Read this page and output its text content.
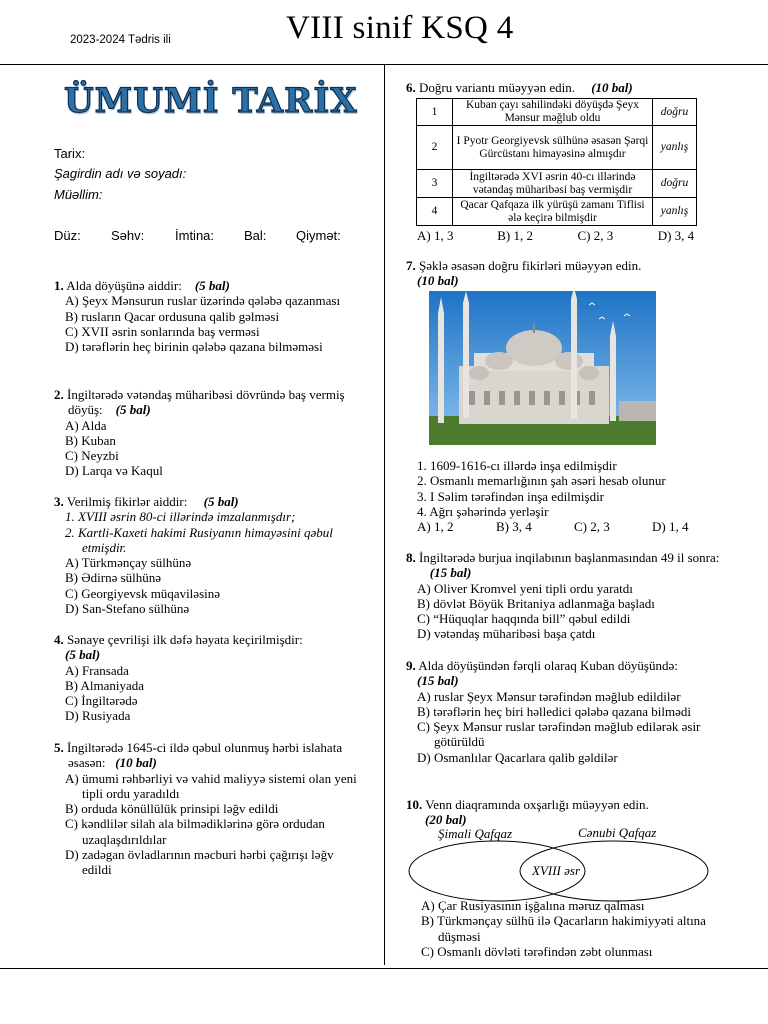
2023-2024 Tədris ili	VIII sinif KSQ 4
ÜMUMİ TARİX
Tarix:
Şagirdin adı və soyadı:
Müəllim:
Düz: Səhv: İmtina: Bal: Qiymət:
1. Alda döyüşünə aiddir: (5 bal)
A) Şeyx Mənsurun ruslar üzərində qələbə qazanması
B) rusların Qacar ordusuna qalib gəlməsi
C) XVII əsrin sonlarında baş verməsi
D) tərəflərin heç birinin qələbə qazana bilməməsi
2. İngiltərədə vətəndaş müharibəsi dövründə baş vermiş döyüş: (5 bal)
A) Alda
B) Kuban
C) Neyzbi
D) Larqa və Kaqul
3. Verilmiş fikirlər aiddir: (5 bal)
1. XVIII əsrin 80-ci illərində imzalanmışdır;
2. Kartli-Kaxeti hakimi Rusiyanın himayəsini qəbul etmişdir.
A) Türkmənçay sülhünə
B) Ədirnə sülhünə
C) Georgiyevsk müqaviləsinə
D) San-Stefano sülhünə
4. Sənaye çevrilişi ilk dəfə həyata keçirilmişdir:
(5 bal)
A) Fransada
B) Almaniyada
C) İngiltərədə
D) Rusiyada
5. İngiltərədə 1645-ci ildə qəbul olunmuş hərbi islahata əsasən: (10 bal)
A) ümumi rəhbərliyi və vahid maliyyə sistemi olan yeni tipli ordu yaradıldı
B) orduda könüllülük prinsipi ləğv edildi
C) kəndlilər silah ala bilmədiklərinə görə ordudan uzaqlaşdırıldılar
D) zadəgan övladlarının məcburi hərbi çağırışı ləğv edildi
6. Doğru variantı müəyyən edin. (10 bal)
1	Kuban çayı sahilindəki döyüşdə Şeyx Mənsur məğlub oldu	doğru
2	I Pyotr Georgiyevsk sülhünə əsasən Şərqi Gürcüstanı himayəsinə almışdır	yanlış
3	İngiltərədə XVI əsrin 40-cı illərində vətəndaş müharibəsi baş vermişdir	doğru
4	Qacar Qafqaza ilk yürüşü zamanı Tiflisi ələ keçirə bilmişdir	yanlış
A) 1, 3	B) 1, 2	C) 2, 3	D) 3, 4
7. Şəklə əsasən doğru fikirləri müəyyən edin.
(10 bal)
1. 1609-1616-cı illərdə inşa edilmişdir
2. Osmanlı memarlığının şah əsəri hesab olunur
3. I Səlim tərəfindən inşa edilmişdir
4. Ağrı şəhərində yerləşir
A) 1, 2	B) 3, 4	C) 2, 3	D) 1, 4
8. İngiltərədə burjua inqilabının başlanmasından 49 il sonra:    (15 bal)
A) Oliver Kromvel yeni tipli ordu yaratdı
B) dövlət Böyük Britaniya adlanmağa başladı
C) “Hüquqlar haqqında bill” qəbul edildi
D) vətəndaş müharibəsi başa çatdı
9. Alda döyüşündən fərqli olaraq Kuban döyüşündə:
(15 bal)
A) ruslar Şeyx Mənsur tərəfindən məğlub edildilər
B) tərəflərin heç biri həlledici qələbə qazana bilmədi
C) Şeyx Mənsur ruslar tərəfindən məğlub edilərək əsir götürüldü
D) Osmanlılar Qacarlara qalib gəldilər
10. Venn diaqramında oxşarlığı müəyyən edin.
(20 bal)
Şimali Qafqaz	Cənubi Qafqaz
XVIII əsr
A) Çar Rusiyasının işğalına məruz qalması
B) Türkmənçay sülhü ilə Qacarların hakimiyyəti altına düşməsi
C) Osmanlı dövləti tərəfindən zəbt olunması
